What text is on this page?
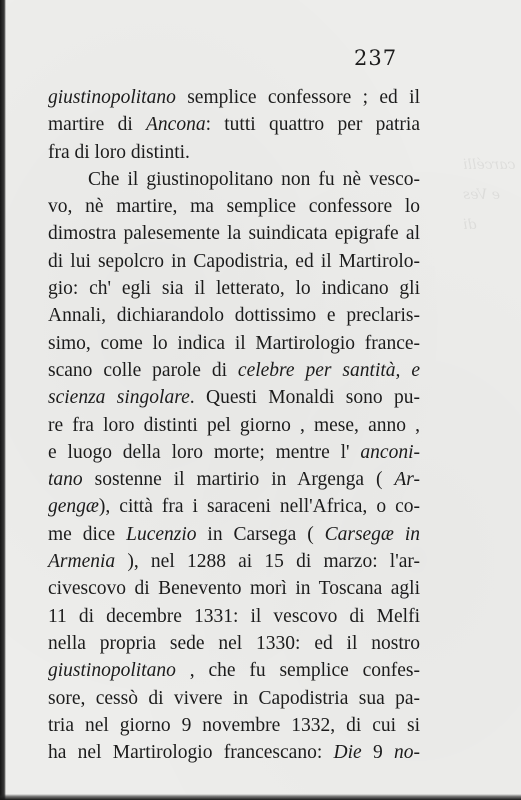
237

carcélli
e Ves
di

giustinopolitano semplice confessore ; ed il
martire di Ancona: tutti quattro per patria
fra di loro distinti.
Che il giustinopolitano non fu nè vesco-
vo, nè martire, ma semplice confessore lo
dimostra palesemente la suindicata epigrafe al
di lui sepolcro in Capodistria, ed il Martirolo-
gio: ch' egli sia il letterato, lo indicano gli
Annali, dichiarandolo dottissimo e preclaris-
simo, come lo indica il Martirologio france-
scano colle parole di celebre per santità, e
scienza singolare. Questi Monaldi sono pu-
re fra loro distinti pel giorno , mese, anno ,
e luogo della loro morte; mentre l' anconi-
tano sostenne il martirio in Argenga ( Ar-
gengæ), città fra i saraceni nell'Africa, o co-
me dice Lucenzio in Carsega ( Carsegæ in
Armenia ), nel 1288 ai 15 di marzo: l'ar-
civescovo di Benevento morì in Toscana agli
11 di decembre 1331: il vescovo di Melfi
nella propria sede nel 1330: ed il nostro
giustinopolitano , che fu semplice confes-
sore, cessò di vivere in Capodistria sua pa-
tria nel giorno 9 novembre 1332, di cui si
ha nel Martirologio francescano: Die 9 no-
